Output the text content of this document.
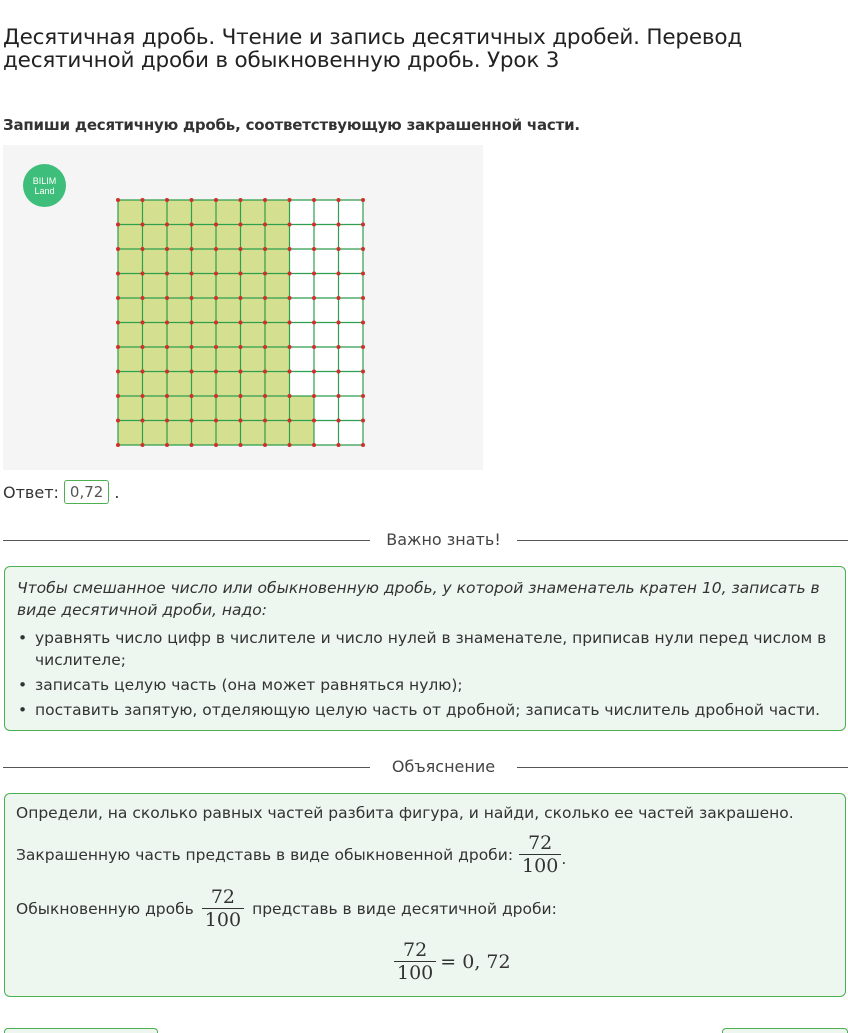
Десятичная дробь. Чтение и запись десятичных дробей. Перевод десятичной дроби в обыкновенную дробь. Урок 3
Запиши десятичную дробь, соответствующую закрашенной части.
BILIM
Land
Ответ: 0,72 .
Важно знать!

Чтобы смешанное число или обыкновенную дробь, у которой знаменатель кратен 10, записать в виде десятичной дроби, надо:

• уравнять число цифр в числителе и число нулей в знаменателе, приписав нули перед числом в числителе;
• записать целую часть (она может равняться нулю);
• поставить запятую, отделяющую целую часть от дробной; записать числитель дробной части.
Объяснение
Определи, на сколько равных частей разбита фигура, и найди, сколько ее частей закрашено.
Закрашенную часть представь в виде обыкновенной дроби: $\frac{72}{100}$ .
Обыкновенную дробь $\frac{72}{100}$ представь в виде десятичной дроби:
$\frac{72}{100} = 0$, 72
